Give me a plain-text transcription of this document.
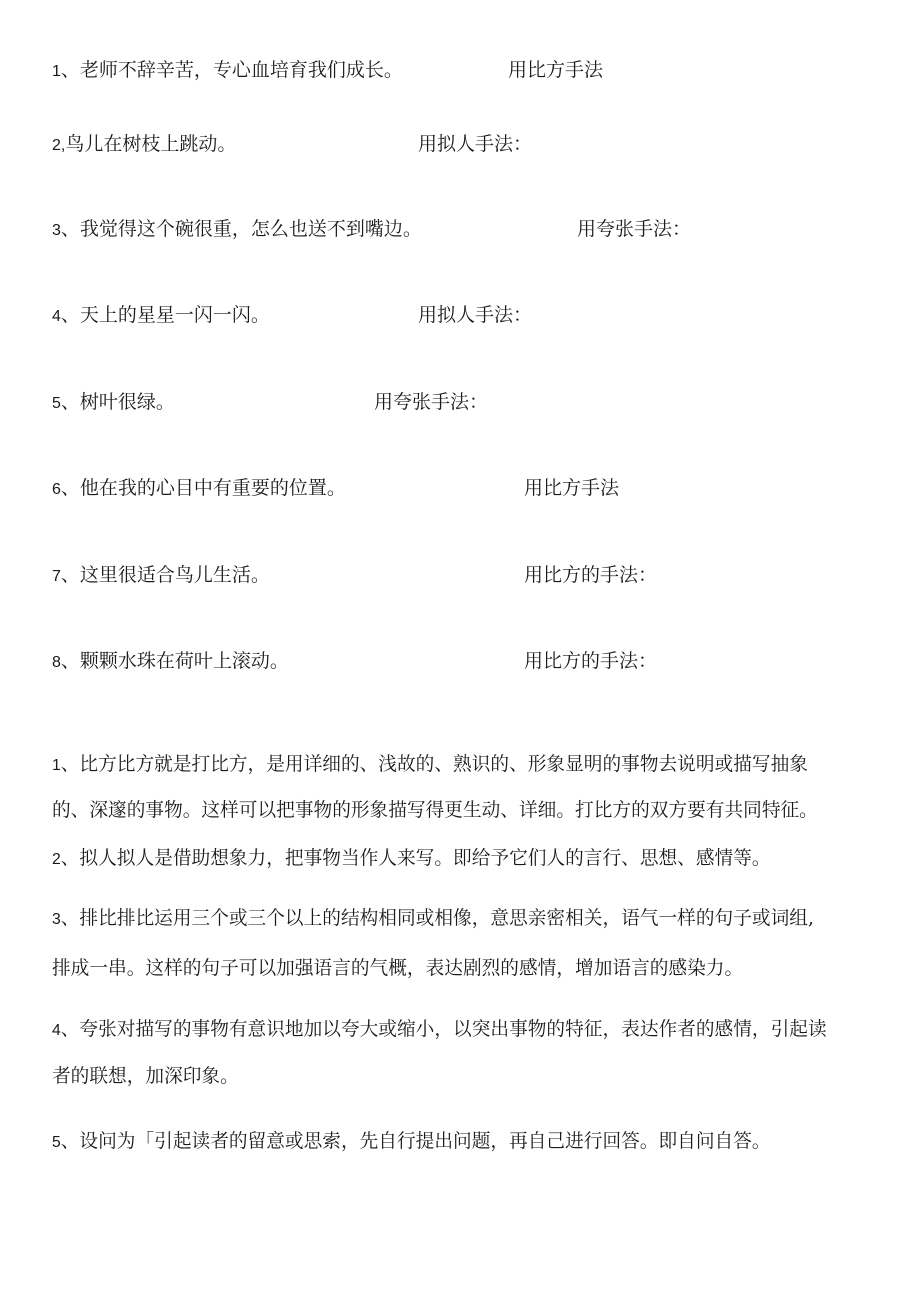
1、老师不辞辛苦，专心血培育我们成长。	用比方手法
2,鸟儿在树枝上跳动。	用拟人手法：
3、我觉得这个碗很重，怎么也送不到嘴边。	用夸张手法：
4、天上的星星一闪一闪。	用拟人手法：
5、树叶很绿。	用夸张手法：
6、他在我的心目中有重要的位置。	用比方手法
7、这里很适合鸟儿生活。	用比方的手法：
8、颗颗水珠在荷叶上滚动。	用比方的手法：
1、比方比方就是打比方，是用详细的、浅故的、熟识的、形象显明的事物去说明或描写抽象
的、深邃的事物。这样可以把事物的形象描写得更生动、详细。打比方的双方要有共同特征。
2、拟人拟人是借助想象力，把事物当作人来写。即给予它们人的言行、思想、感情等。
3、排比排比运用三个或三个以上的结构相同或相像，意思亲密相关，语气一样的句子或词组,
排成一串。这样的句子可以加强语言的气概，表达剧烈的感情，增加语言的感染力。
4、夸张对描写的事物有意识地加以夸大或缩小，以突出事物的特征，表达作者的感情，引起读
者的联想，加深印象。
5、设问为「引起读者的留意或思索，先自行提出问题，再自己进行回答。即自问自答。
